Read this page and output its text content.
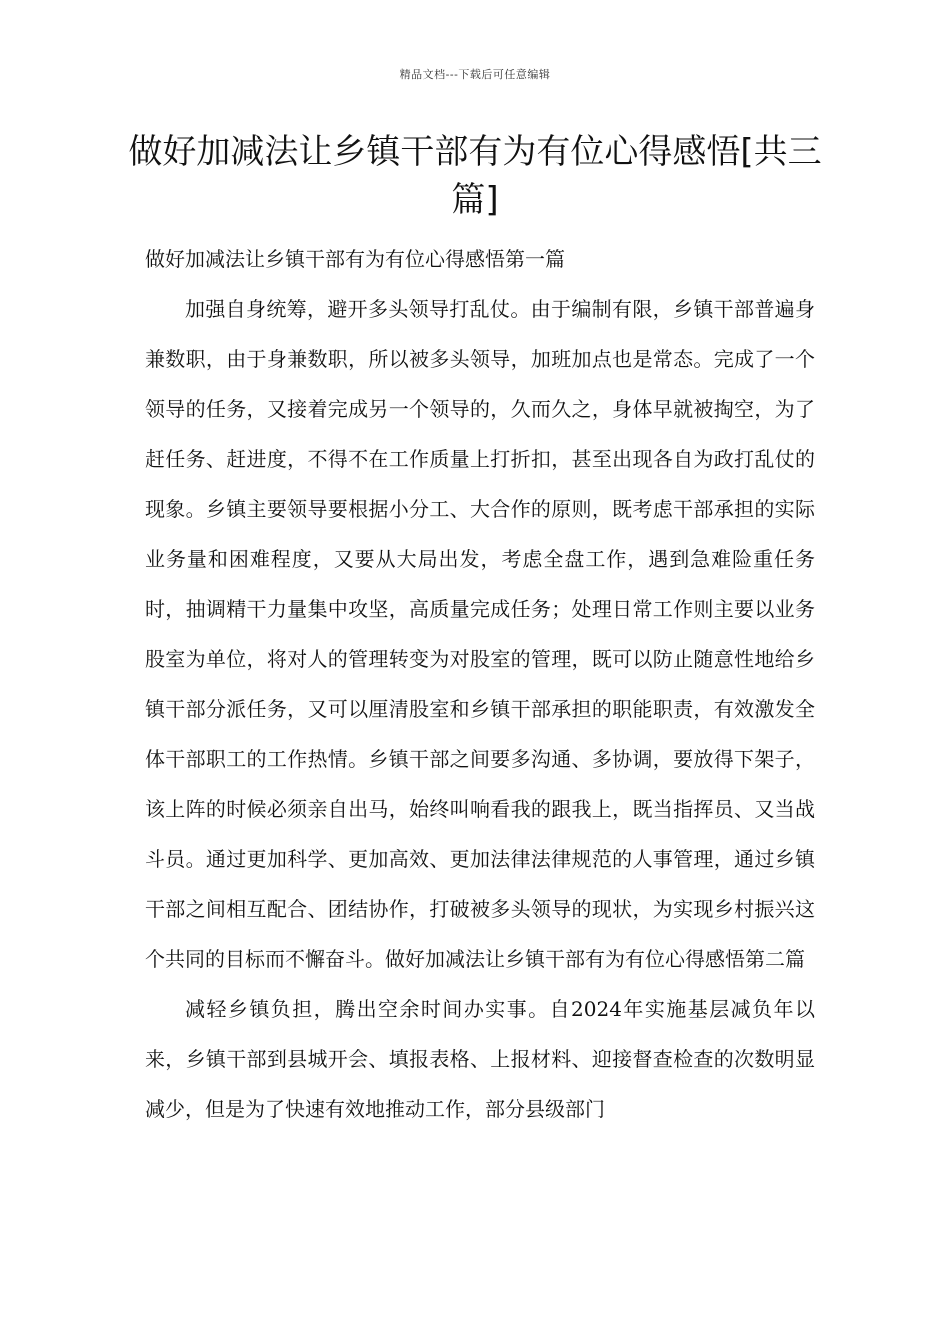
精品文档---下载后可任意编辑
做好加减法让乡镇干部有为有位心得感悟[共三篇]

做好加减法让乡镇干部有为有位心得感悟第一篇

加强自身统筹，避开多头领导打乱仗。由于编制有限，乡镇干部普遍身兼数职，由于身兼数职，所以被多头领导，加班加点也是常态。完成了一个领导的任务，又接着完成另一个领导的，久而久之，身体早就被掏空，为了赶任务、赶进度，不得不在工作质量上打折扣，甚至出现各自为政打乱仗的现象。乡镇主要领导要根据小分工、大合作的原则，既考虑干部承担的实际业务量和困难程度，又要从大局出发，考虑全盘工作，遇到急难险重任务时，抽调精干力量集中攻坚，高质量完成任务；处理日常工作则主要以业务股室为单位，将对人的管理转变为对股室的管理，既可以防止随意性地给乡镇干部分派任务，又可以厘清股室和乡镇干部承担的职能职责，有效激发全体干部职工的工作热情。乡镇干部之间要多沟通、多协调，要放得下架子，该上阵的时候必须亲自出马，始终叫响看我的跟我上，既当指挥员、又当战斗员。通过更加科学、更加高效、更加法律法律规范的人事管理，通过乡镇干部之间相互配合、团结协作，打破被多头领导的现状，为实现乡村振兴这个共同的目标而不懈奋斗。做好加减法让乡镇干部有为有位心得感悟第二篇

减轻乡镇负担，腾出空余时间办实事。自2024年实施基层减负年以来，乡镇干部到县城开会、填报表格、上报材料、迎接督查检查的次数明显减少，但是为了快速有效地推动工作，部分县级部门
